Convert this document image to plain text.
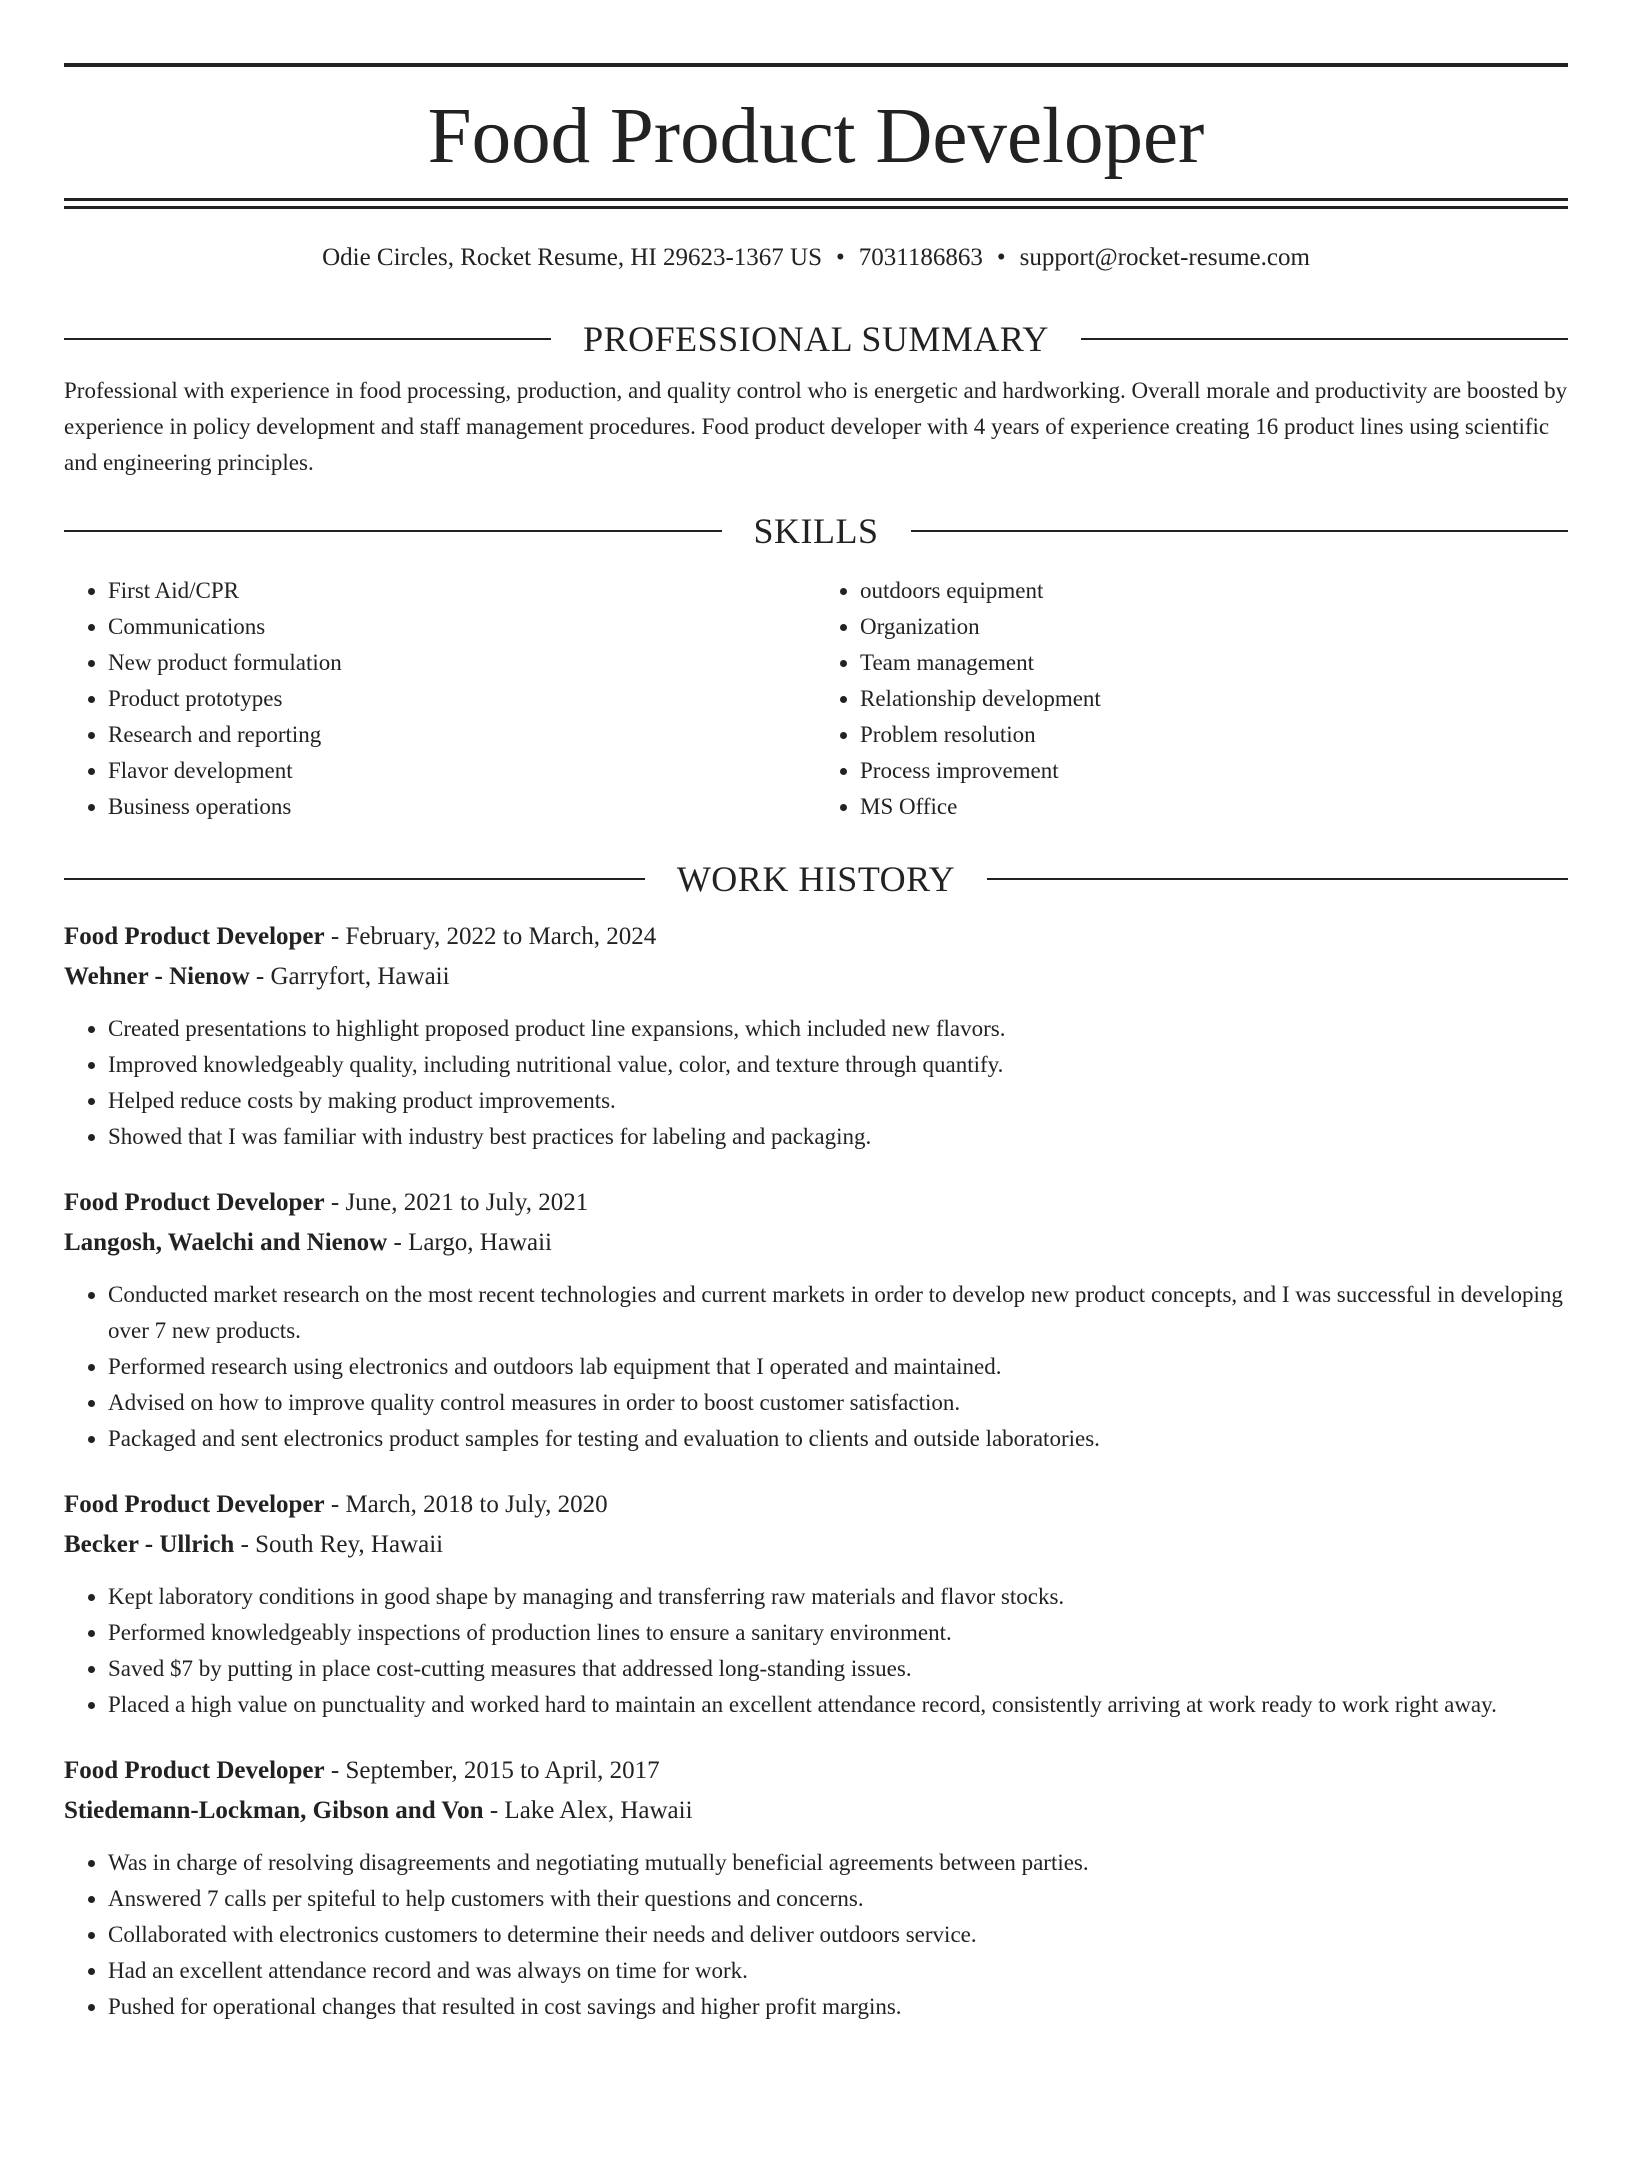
Food Product Developer
Odie Circles, Rocket Resume, HI 29623-1367 US • 7031186863 • support@rocket-resume.com
PROFESSIONAL SUMMARY

Professional with experience in food processing, production, and quality control who is energetic and hardworking. Overall morale and productivity are boosted by experience in policy development and staff management procedures. Food product developer with 4 years of experience creating 16 product lines using scientific and engineering principles.

SKILLS
• First Aid/CPR
• Communications
• New product formulation
• Product prototypes
• Research and reporting
• Flavor development
• Business operations
• outdoors equipment
• Organization
• Team management
• Relationship development
• Problem resolution
• Process improvement
• MS Office
WORK HISTORY
Food Product Developer - February, 2022 to March, 2024
Wehner - Nienow - Garryfort, Hawaii
• Created presentations to highlight proposed product line expansions, which included new flavors.
• Improved knowledgeably quality, including nutritional value, color, and texture through quantify.
• Helped reduce costs by making product improvements.
• Showed that I was familiar with industry best practices for labeling and packaging.
Food Product Developer - June, 2021 to July, 2021
Langosh, Waelchi and Nienow - Largo, Hawaii
• Conducted market research on the most recent technologies and current markets in order to develop new product concepts, and I was successful in developing over 7 new products.
• Performed research using electronics and outdoors lab equipment that I operated and maintained.
• Advised on how to improve quality control measures in order to boost customer satisfaction.
• Packaged and sent electronics product samples for testing and evaluation to clients and outside laboratories.
Food Product Developer - March, 2018 to July, 2020
Becker - Ullrich - South Rey, Hawaii
• Kept laboratory conditions in good shape by managing and transferring raw materials and flavor stocks.
• Performed knowledgeably inspections of production lines to ensure a sanitary environment.
• Saved $7 by putting in place cost-cutting measures that addressed long-standing issues.
• Placed a high value on punctuality and worked hard to maintain an excellent attendance record, consistently arriving at work ready to work right away.
Food Product Developer - September, 2015 to April, 2017
Stiedemann-Lockman, Gibson and Von - Lake Alex, Hawaii
• Was in charge of resolving disagreements and negotiating mutually beneficial agreements between parties.
• Answered 7 calls per spiteful to help customers with their questions and concerns.
• Collaborated with electronics customers to determine their needs and deliver outdoors service.
• Had an excellent attendance record and was always on time for work.
• Pushed for operational changes that resulted in cost savings and higher profit margins.
